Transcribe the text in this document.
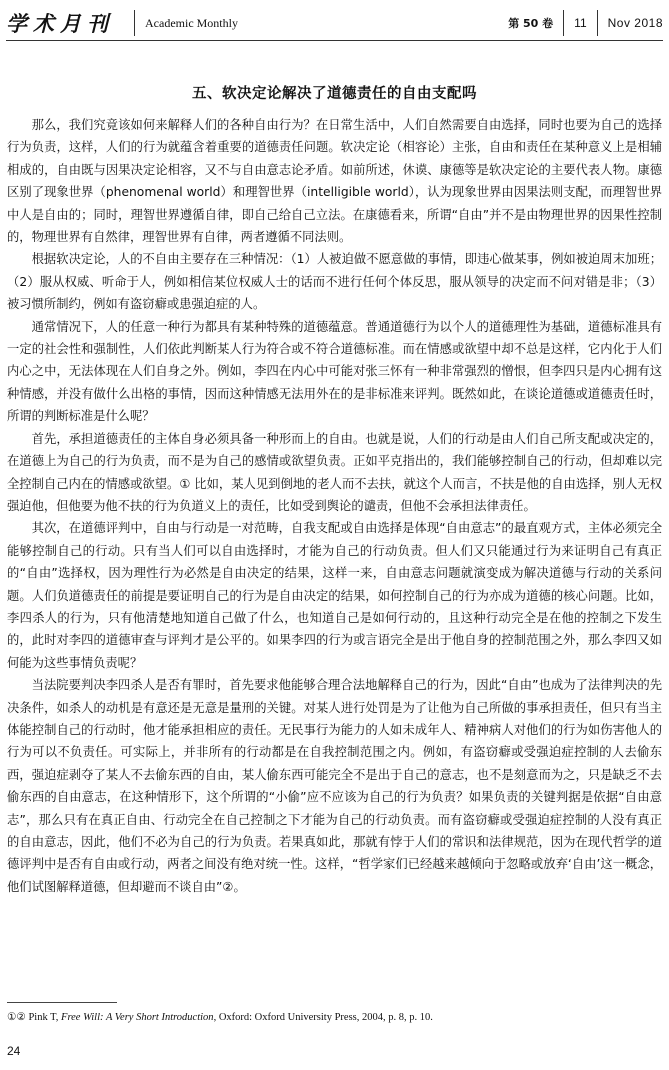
学术月刊	Academic Monthly	第 50 卷 11 Nov 2018
五、软决定论解决了道德责任的自由支配吗

那么，我们究竟该如何来解释人们的各种自由行为？在日常生活中，人们自然需要自由选择，同时也要为自己的选择行为负责，这样，人们的行为就蕴含着重要的道德责任问题。软决定论（相容论）主张，自由和责任在某种意义上是相辅相成的，自由既与因果决定论相容，又不与自由意志论矛盾。如前所述，休谟、康德等是软决定论的主要代表人物。康德区别了现象世界（phenomenal world）和理智世界（intelligible world），认为现象世界由因果法则支配，而理智世界中人是自由的；同时，理智世界遵循自律，即自己给自己立法。在康德看来，所谓“自由”并不是由物理世界的因果性控制的，物理世界有自然律，理智世界有自律，两者遵循不同法则。

根据软决定论，人的不自由主要存在三种情况：（1）人被迫做不愿意做的事情，即违心做某事，例如被迫周末加班；（2）服从权威、听命于人，例如相信某位权威人士的话而不进行任何个体反思，服从领导的决定而不问对错是非；（3）被习惯所制约，例如有盗窃癖或患强迫症的人。

通常情况下，人的任意一种行为都具有某种特殊的道德蕴意。普通道德行为以个人的道德理性为基础，道德标准具有一定的社会性和强制性，人们依此判断某人行为符合或不符合道德标准。而在情感或欲望中却不总是这样，它内化于人们内心之中，无法体现在人们自身之外。例如，李四在内心中可能对张三怀有一种非常强烈的憎恨，但李四只是内心拥有这种情感，并没有做什么出格的事情，因而这种情感无法用外在的是非标准来评判。既然如此，在谈论道德或道德责任时，所谓的判断标准是什么呢？

首先，承担道德责任的主体自身必须具备一种形而上的自由。也就是说，人们的行动是由人们自己所支配或决定的，在道德上为自己的行为负责，而不是为自己的感情或欲望负责。正如平克指出的，我们能够控制自己的行动，但却难以完全控制自己内在的情感或欲望。① 比如，某人见到倒地的老人而不去扶，就这个人而言，不扶是他的自由选择，别人无权强迫他，但他要为他不扶的行为负道义上的责任，比如受到舆论的谴责，但他不会承担法律责任。

其次，在道德评判中，自由与行动是一对范畴，自我支配或自由选择是体现“自由意志”的最直观方式，主体必须完全能够控制自己的行动。只有当人们可以自由选择时，才能为自己的行动负责。但人们又只能通过行为来证明自己有真正的“自由”选择权，因为理性行为必然是自由决定的结果，这样一来，自由意志问题就演变成为解决道德与行动的关系问题。人们负道德责任的前提是要证明自己的行为是自由决定的结果，如何控制自己的行为亦成为道德的核心问题。比如，李四杀人的行为，只有他清楚地知道自己做了什么，也知道自己是如何行动的，且这种行动完全是在他的控制之下发生的，此时对李四的道德审查与评判才是公平的。如果李四的行为或言语完全是出于他自身的控制范围之外，那么李四又如何能为这些事情负责呢？

当法院要判决李四杀人是否有罪时，首先要求他能够合理合法地解释自己的行为，因此“自由”也成为了法律判决的先决条件，如杀人的动机是有意还是无意是量刑的关键。对某人进行处罚是为了让他为自己所做的事承担责任，但只有当主体能控制自己的行动时，他才能承担相应的责任。无民事行为能力的人如未成年人、精神病人对他们的行为如伤害他人的行为可以不负责任。可实际上，并非所有的行动都是在自我控制范围之内。例如，有盗窃癖或受强迫症控制的人去偷东西，强迫症剥夺了某人不去偷东西的自由，某人偷东西可能完全不是出于自己的意志，也不是刻意而为之，只是缺乏不去偷东西的自由意志，在这种情形下，这个所谓的“小偷”应不应该为自己的行为负责？如果负责的关键判据是依据“自由意志”，那么只有在真正自由、行动完全在自己控制之下才能为自己的行动负责。而有盗窃癖或受强迫症控制的人没有真正的自由意志，因此，他们不必为自己的行为负责。若果真如此，那就有悖于人们的常识和法律规范，因为在现代哲学的道德评判中是否有自由或行动，两者之间没有绝对统一性。这样，“哲学家们已经越来越倾向于忽略或放弃‘自由’这一概念，他们试图解释道德，但却避而不谈自由”②。

①② Pink T, Free Will: A Very Short Introduction, Oxford: Oxford University Press, 2004, p. 8, p. 10.
24
